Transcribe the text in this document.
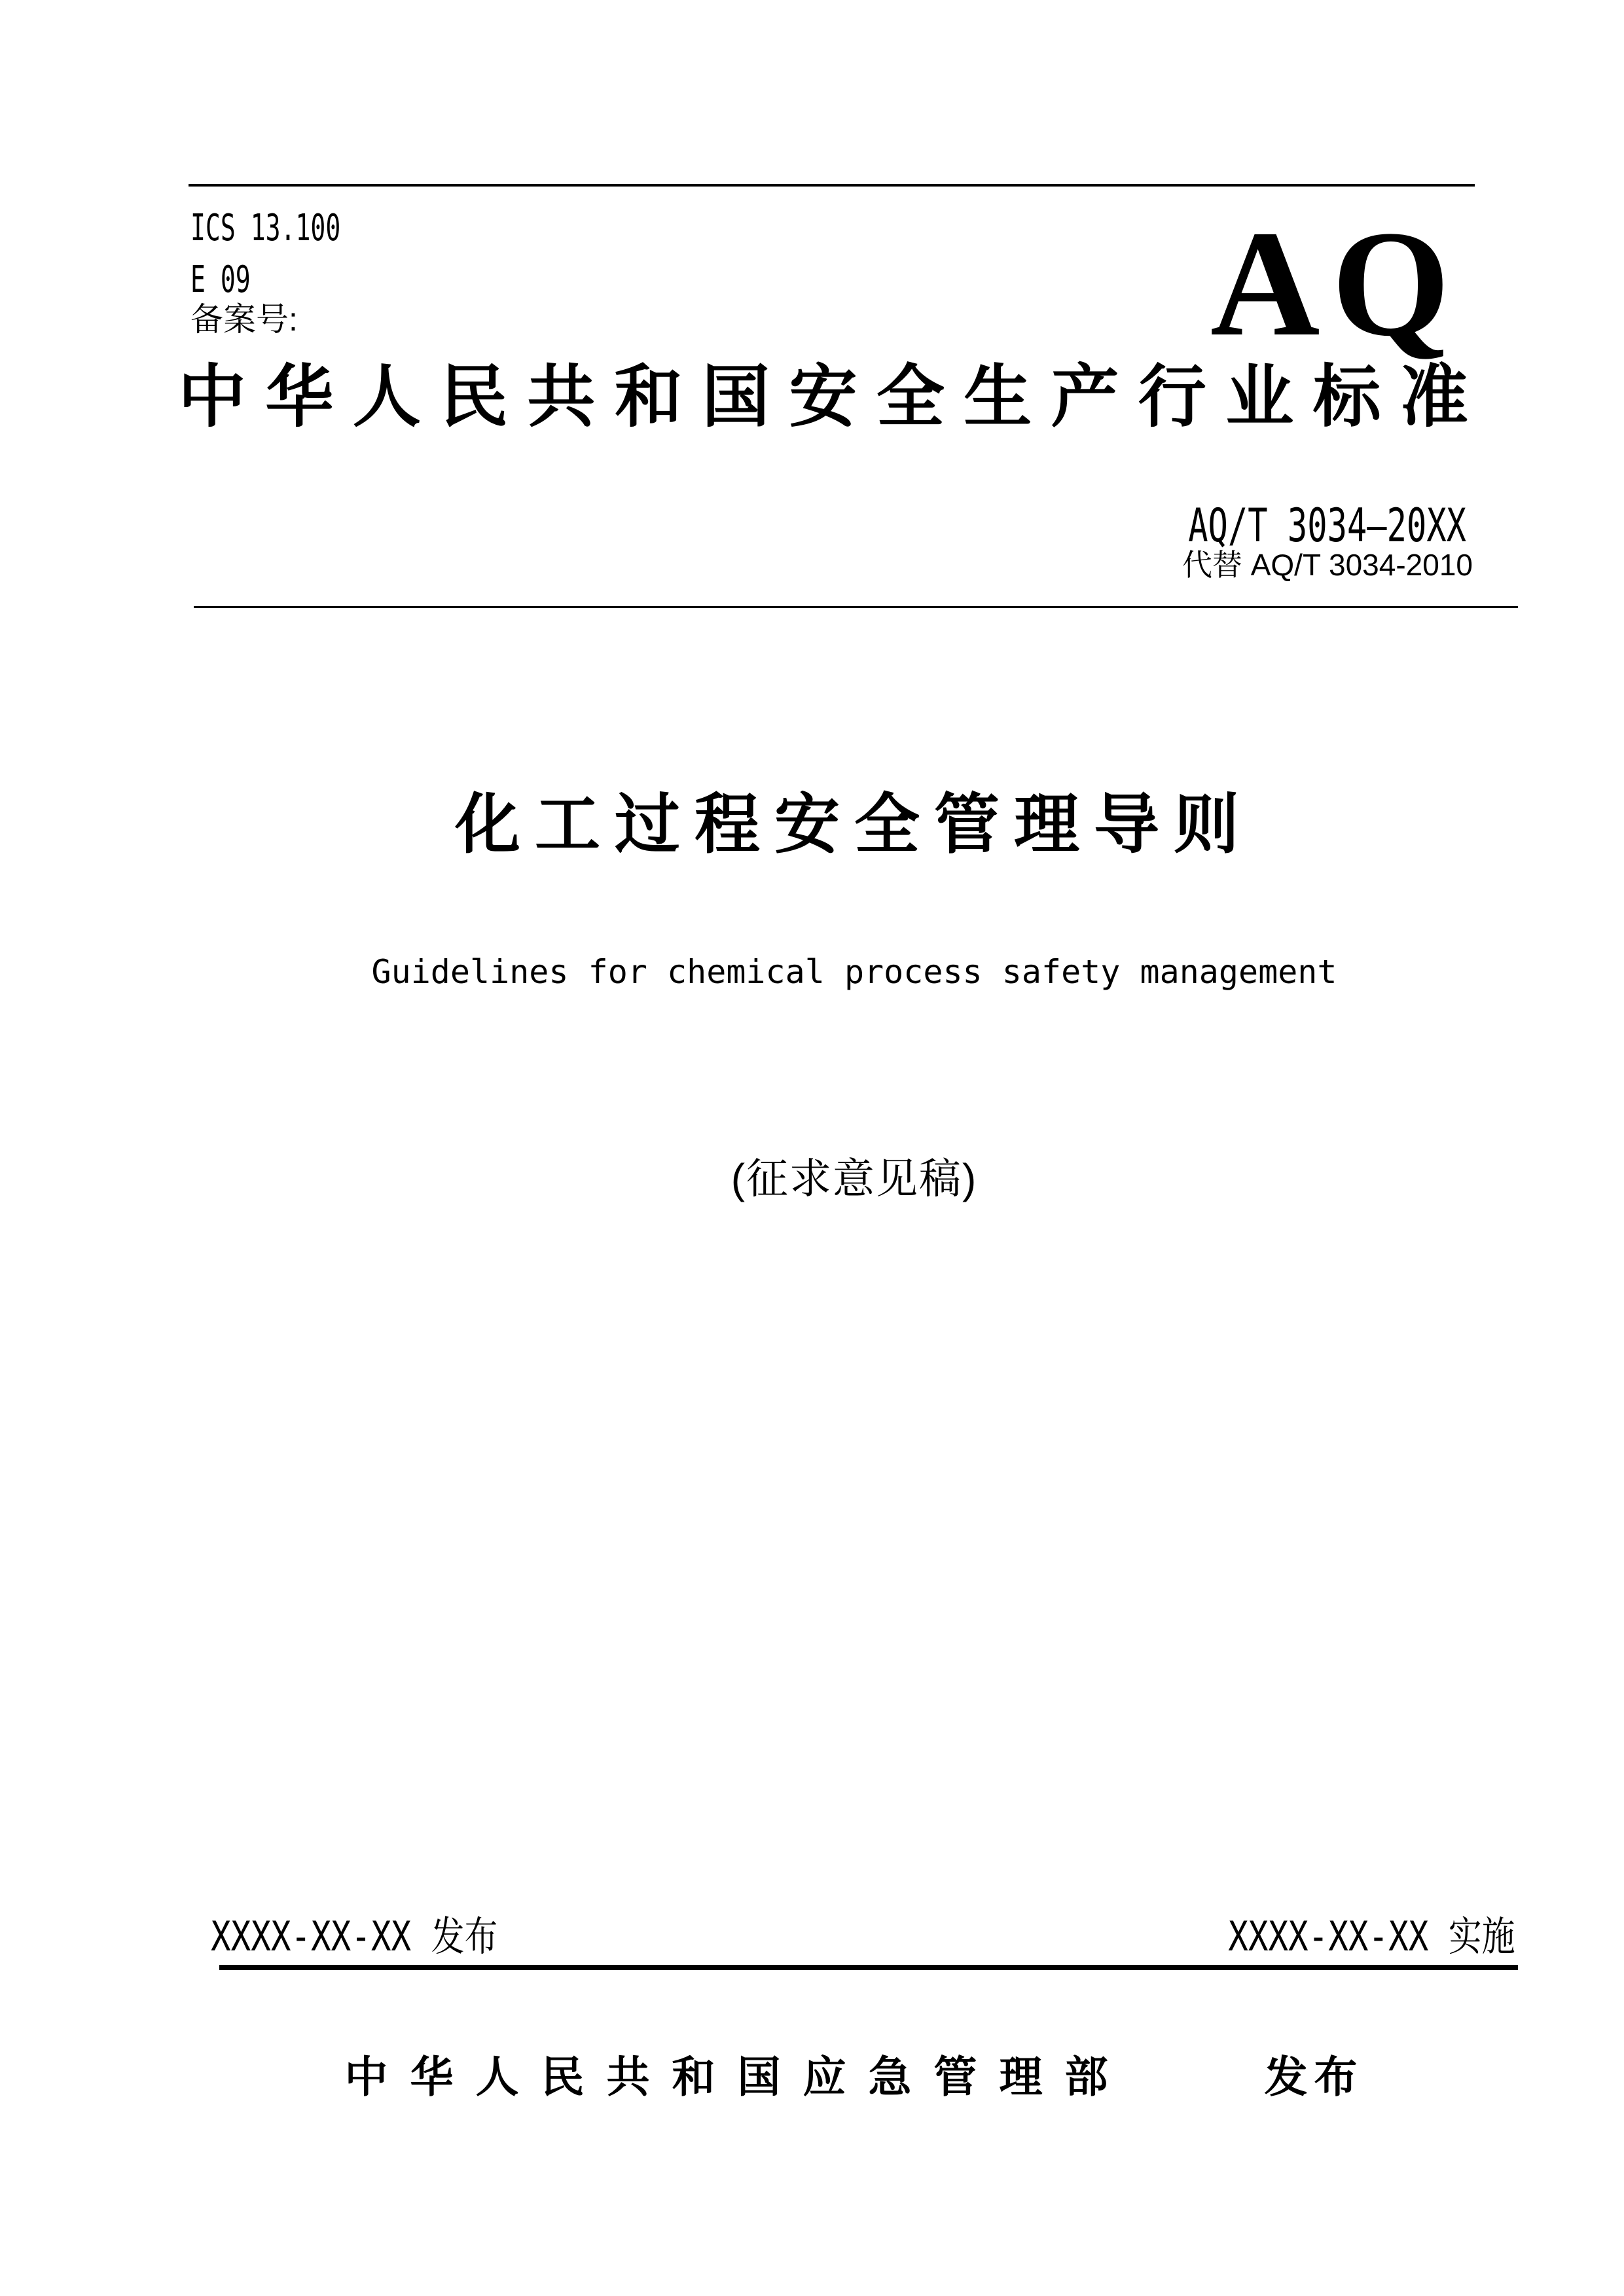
ICS 13.100
E 09
备案号:	AQ
中华人民共和国安全生产行业标准
AQ/T 3034—20XX
代替 AQ/T 3034-2010
化工过程安全管理导则
Guidelines for chemical process safety management
(征求意见稿)
XXXX-XX-XX 发布	XXXX-XX-XX 实施
中华人民共和国应急管理部	发布
